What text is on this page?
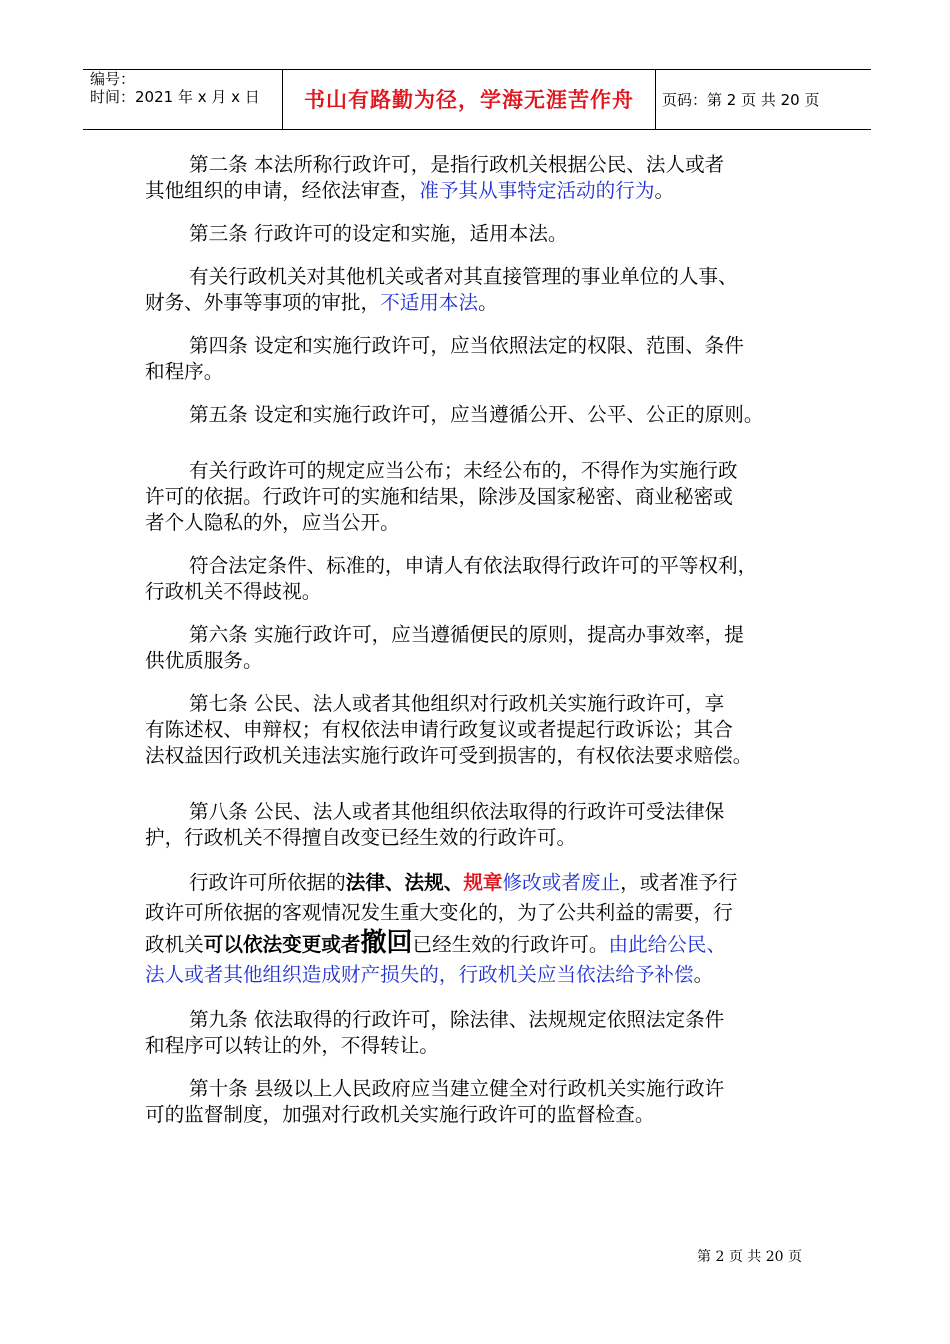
编号：
时间：2021 年 x 月 x 日	书山有路勤为径，学海无涯苦作舟	页码：第 2 页 共 20 页

第二条 本法所称行政许可，是指行政机关根据公民、法人或者
其他组织的申请，经依法审查，准予其从事特定活动的行为。

第三条 行政许可的设定和实施，适用本法。

有关行政机关对其他机关或者对其直接管理的事业单位的人事、
财务、外事等事项的审批，不适用本法。

第四条 设定和实施行政许可，应当依照法定的权限、范围、条件
和程序。

第五条 设定和实施行政许可，应当遵循公开、公平、公正的原则。

有关行政许可的规定应当公布；未经公布的，不得作为实施行政
许可的依据。行政许可的实施和结果，除涉及国家秘密、商业秘密或
者个人隐私的外，应当公开。

符合法定条件、标准的，申请人有依法取得行政许可的平等权利，
行政机关不得歧视。

第六条 实施行政许可，应当遵循便民的原则，提高办事效率，提
供优质服务。

第七条 公民、法人或者其他组织对行政机关实施行政许可，享
有陈述权、申辩权；有权依法申请行政复议或者提起行政诉讼；其合
法权益因行政机关违法实施行政许可受到损害的，有权依法要求赔偿。

第八条 公民、法人或者其他组织依法取得的行政许可受法律保
护，行政机关不得擅自改变已经生效的行政许可。

行政许可所依据的法律、法规、规章修改或者废止，或者准予行
政许可所依据的客观情况发生重大变化的，为了公共利益的需要，行
政机关可以依法变更或者撤回已经生效的行政许可。由此给公民、
法人或者其他组织造成财产损失的，行政机关应当依法给予补偿。

第九条 依法取得的行政许可，除法律、法规规定依照法定条件
和程序可以转让的外，不得转让。

第十条 县级以上人民政府应当建立健全对行政机关实施行政许
可的监督制度，加强对行政机关实施行政许可的监督检查。

第 2 页 共 20 页
